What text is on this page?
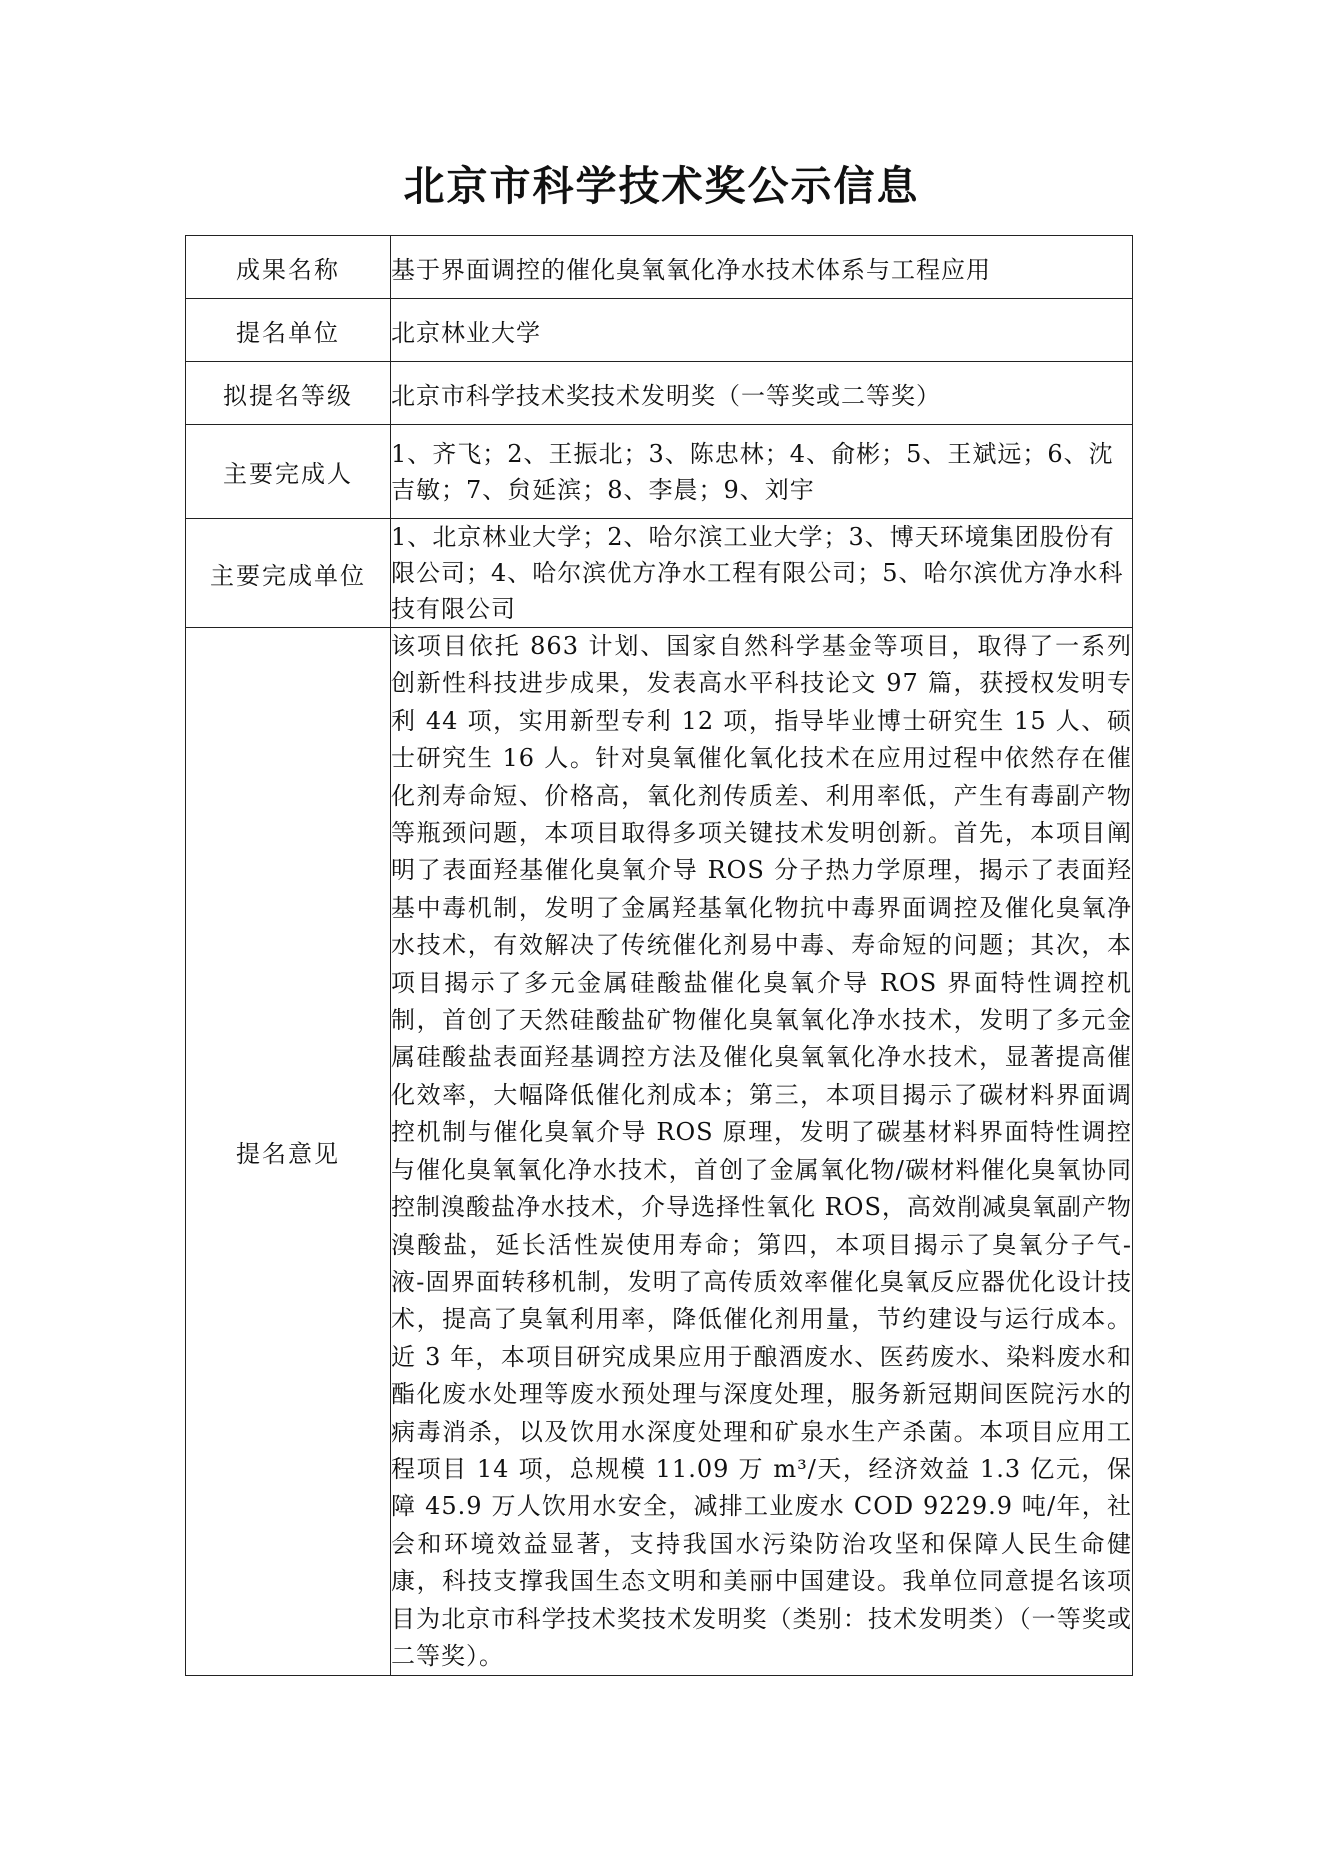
北京市科学技术奖公示信息
成果名称	基于界面调控的催化臭氧氧化净水技术体系与工程应用
提名单位	北京林业大学
拟提名等级	北京市科学技术奖技术发明奖（一等奖或二等奖）
主要完成人	1、齐飞；2、王振北；3、陈忠林；4、俞彬；5、王斌远；6、沈吉敏；7、贠延滨；8、李晨；9、刘宇
主要完成单位	1、北京林业大学；2、哈尔滨工业大学；3、博天环境集团股份有限公司；4、哈尔滨优方净水工程有限公司；5、哈尔滨优方净水科技有限公司
提名意见	该项目依托 863 计划、国家自然科学基金等项目，取得了一系列创新性科技进步成果，发表高水平科技论文 97 篇，获授权发明专利 44 项，实用新型专利 12 项，指导毕业博士研究生 15 人、硕士研究生 16 人。针对臭氧催化氧化技术在应用过程中依然存在催化剂寿命短、价格高，氧化剂传质差、利用率低，产生有毒副产物等瓶颈问题，本项目取得多项关键技术发明创新。首先，本项目阐明了表面羟基催化臭氧介导 ROS 分子热力学原理，揭示了表面羟基中毒机制，发明了金属羟基氧化物抗中毒界面调控及催化臭氧净水技术，有效解决了传统催化剂易中毒、寿命短的问题；其次，本项目揭示了多元金属硅酸盐催化臭氧介导 ROS 界面特性调控机制，首创了天然硅酸盐矿物催化臭氧氧化净水技术，发明了多元金属硅酸盐表面羟基调控方法及催化臭氧氧化净水技术，显著提高催化效率，大幅降低催化剂成本；第三，本项目揭示了碳材料界面调控机制与催化臭氧介导 ROS 原理，发明了碳基材料界面特性调控与催化臭氧氧化净水技术，首创了金属氧化物/碳材料催化臭氧协同控制溴酸盐净水技术，介导选择性氧化 ROS，高效削减臭氧副产物溴酸盐，延长活性炭使用寿命；第四，本项目揭示了臭氧分子气-液-固界面转移机制，发明了高传质效率催化臭氧反应器优化设计技术，提高了臭氧利用率，降低催化剂用量，节约建设与运行成本。近 3 年，本项目研究成果应用于酿酒废水、医药废水、染料废水和酯化废水处理等废水预处理与深度处理，服务新冠期间医院污水的病毒消杀，以及饮用水深度处理和矿泉水生产杀菌。本项目应用工程项目 14 项，总规模 11.09 万 m³/天，经济效益 1.3 亿元，保障 45.9 万人饮用水安全，减排工业废水 COD 9229.9 吨/年，社会和环境效益显著，支持我国水污染防治攻坚和保障人民生命健康，科技支撑我国生态文明和美丽中国建设。我单位同意提名该项目为北京市科学技术奖技术发明奖（类别：技术发明类）（一等奖或二等奖）。
